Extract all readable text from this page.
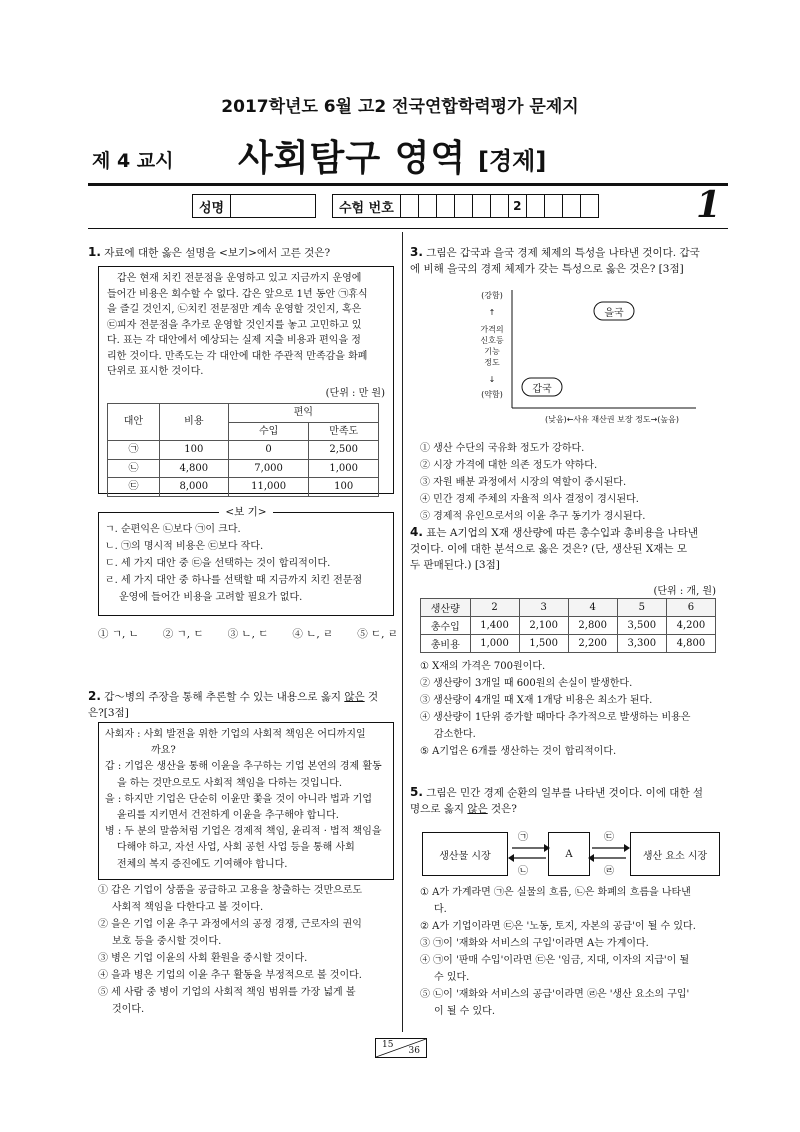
2017학년도 6월 고2 전국연합학력평가 문제지
제 4 교시 사회탐구 영역 [경제]
성명	수험 번호	2	1
1. 자료에 대한 옳은 설명을 <보기>에서 고른 것은?
갑은 현재 치킨 전문점을 운영하고 있고 지금까지 운영에
들어간 비용은 회수할 수 없다. 갑은 앞으로 1년 동안 ㉠휴식
을 즐길 것인지, ㉡치킨 전문점만 계속 운영할 것인지, 혹은
㉢피자 전문점을 추가로 운영할 것인지를 놓고 고민하고 있
다. 표는 각 대안에서 예상되는 실제 지출 비용과 편익을 정
리한 것이다. 만족도는 각 대안에 대한 주관적 만족감을 화폐
단위로 표시한 것이다.
(단위 : 만 원)
대안	비용	편익	
		수입	만족도
㉠	100	0	2,500
㉡	4,800	7,000	1,000
㉢	8,000	11,000	100
<보 기>
ㄱ. 순편익은 ㉡보다 ㉠이 크다.
ㄴ. ㉠의 명시적 비용은 ㉢보다 작다.
ㄷ. 세 가지 대안 중 ㉢을 선택하는 것이 합리적이다.
ㄹ. 세 가지 대안 중 하나를 선택할 때 지금까지 치킨 전문점
운영에 들어간 비용을 고려할 필요가 없다.
① ㄱ, ㄴ ② ㄱ, ㄷ ③ ㄴ, ㄷ ④ ㄴ, ㄹ ⑤ ㄷ, ㄹ
2. 갑～병의 주장을 통해 추론할 수 있는 내용으로 옳지 않은 것
은?[3점]
사회자 : 사회 발전을 위한 기업의 사회적 책임은 어디까지일
까요?
갑 : 기업은 생산을 통해 이윤을 추구하는 기업 본연의 경제 활동
을 하는 것만으로도 사회적 책임을 다하는 것입니다.
을 : 하지만 기업은 단순히 이윤만 쫓을 것이 아니라 법과 기업
윤리를 지키면서 건전하게 이윤을 추구해야 합니다.
병 : 두 분의 말씀처럼 기업은 경제적 책임, 윤리적 · 법적 책임을
다해야 하고, 자선 사업, 사회 공헌 사업 등을 통해 사회
전체의 복지 증진에도 기여해야 합니다.
① 갑은 기업이 상품을 공급하고 고용을 창출하는 것만으로도
사회적 책임을 다한다고 볼 것이다.
② 을은 기업 이윤 추구 과정에서의 공정 경쟁, 근로자의 권익
보호 등을 중시할 것이다.
③ 병은 기업 이윤의 사회 환원을 중시할 것이다.
④ 을과 병은 기업의 이윤 추구 활동을 부정적으로 볼 것이다.
⑤ 세 사람 중 병이 기업의 사회적 책임 범위를 가장 넓게 볼
것이다.
3. 그림은 갑국과 을국 경제 체제의 특성을 나타낸 것이다. 갑국
에 비해 을국의 경제 체제가 갖는 특성으로 옳은 것은? [3점]
(강함)
↑
가격의
신호등
기능
정도
↓
(약함)
을국
갑국
(낮음)←사유 재산권 보장 정도→(높음)
① 생산 수단의 국유화 정도가 강하다.
② 시장 가격에 대한 의존 정도가 약하다.
③ 자원 배분 과정에서 시장의 역할이 중시된다.
④ 민간 경제 주체의 자율적 의사 결정이 경시된다.
⑤ 경제적 유인으로서의 이윤 추구 동기가 경시된다.
4. 표는 A기업의 X재 생산량에 따른 총수입과 총비용을 나타낸
것이다. 이에 대한 분석으로 옳은 것은? (단, 생산된 X재는 모
두 판매된다.) [3점]
(단위 : 개, 원)
생산량	2	3	4	5	6
총수입	1,400	2,100	2,800	3,500	4,200
총비용	1,000	1,500	2,200	3,300	4,800
① X재의 가격은 700원이다.
② 생산량이 3개일 때 600원의 손실이 발생한다.
③ 생산량이 4개일 때 X재 1개당 비용은 최소가 된다.
④ 생산량이 1단위 증가할 때마다 추가적으로 발생하는 비용은
감소한다.
⑤ A기업은 6개를 생산하는 것이 합리적이다.
5. 그림은 민간 경제 순환의 일부를 나타낸 것이다. 이에 대한 설
명으로 옳지 않은 것은?
생산물 시장	A	생산 요소 시장
㉠
㉡
㉢
㉣
① A가 가계라면 ㉠은 실물의 흐름, ㉡은 화폐의 흐름을 나타낸
다.
② A가 기업이라면 ㉢은 '노동, 토지, 자본의 공급'이 될 수 있다.
③ ㉠이 '재화와 서비스의 구입'이라면 A는 가계이다.
④ ㉠이 '판매 수입'이라면 ㉢은 '임금, 지대, 이자의 지급'이 될
수 있다.
⑤ ㉡이 '재화와 서비스의 공급'이라면 ㉣은 '생산 요소의 구입'
이 될 수 있다.
15
36
